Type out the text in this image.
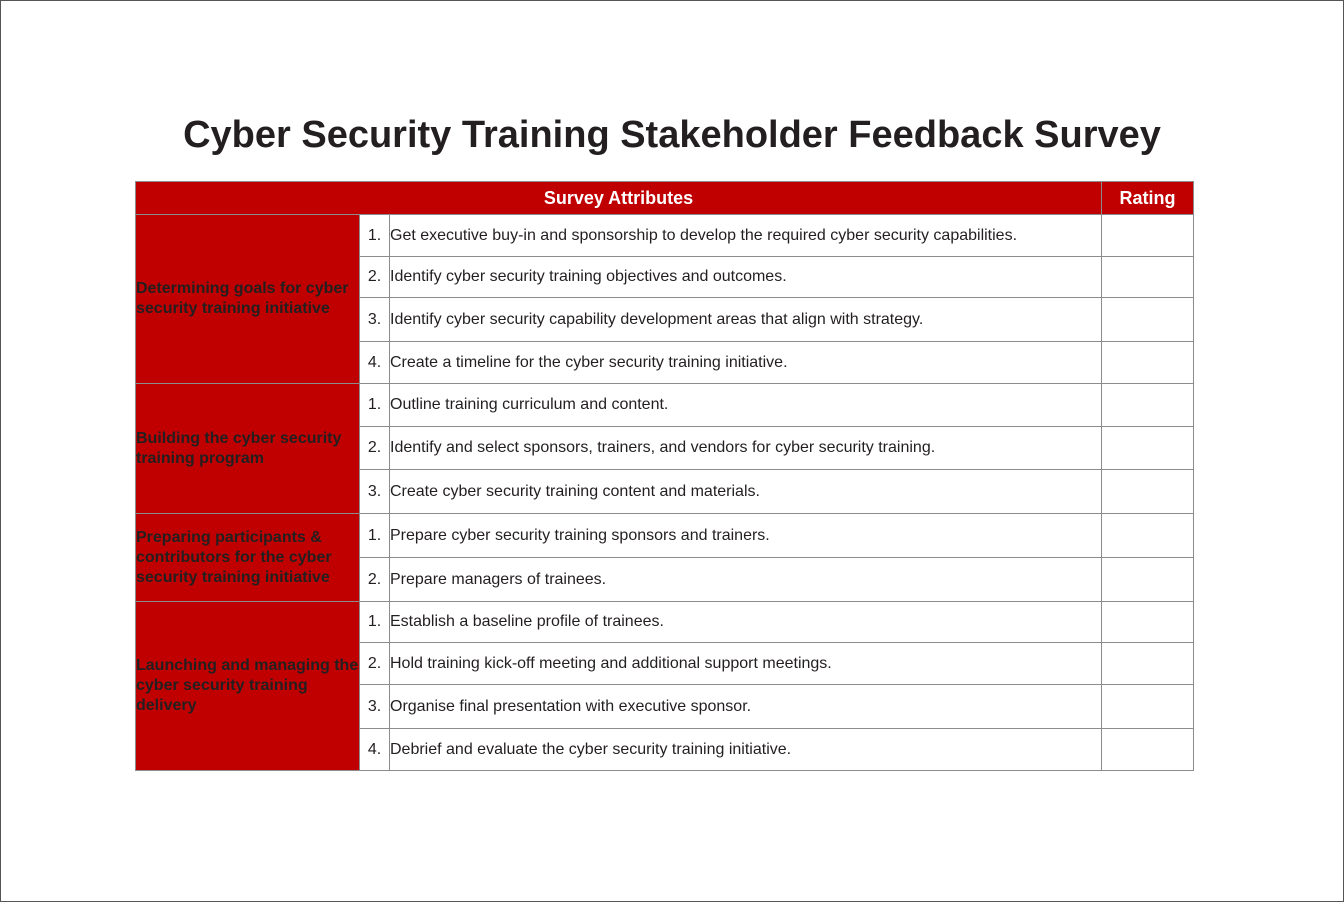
Cyber Security Training Stakeholder Feedback Survey
Survey Attributes			Rating
Determining goals for cyber security training initiative	1.	Get executive buy-in and sponsorship to develop the required cyber security capabilities.	
	2.	Identify cyber security training objectives and outcomes.	
	3.	Identify cyber security capability development areas that align with strategy.	
	4.	Create a timeline for the cyber security training initiative.	
Building the cyber security training program	1.	Outline training curriculum and content.	
	2.	Identify and select sponsors, trainers, and vendors for cyber security training.	
	3.	Create cyber security training content and materials.	
Preparing participants & contributors for the cyber security training initiative	1.	Prepare cyber security training sponsors and trainers.	
	2.	Prepare managers of trainees.	
Launching and managing the cyber security training delivery	1.	Establish a baseline profile of trainees.	
	2.	Hold training kick-off meeting and additional support meetings.	
	3.	Organise final presentation with executive sponsor.	
	4.	Debrief and evaluate the cyber security training initiative.	
